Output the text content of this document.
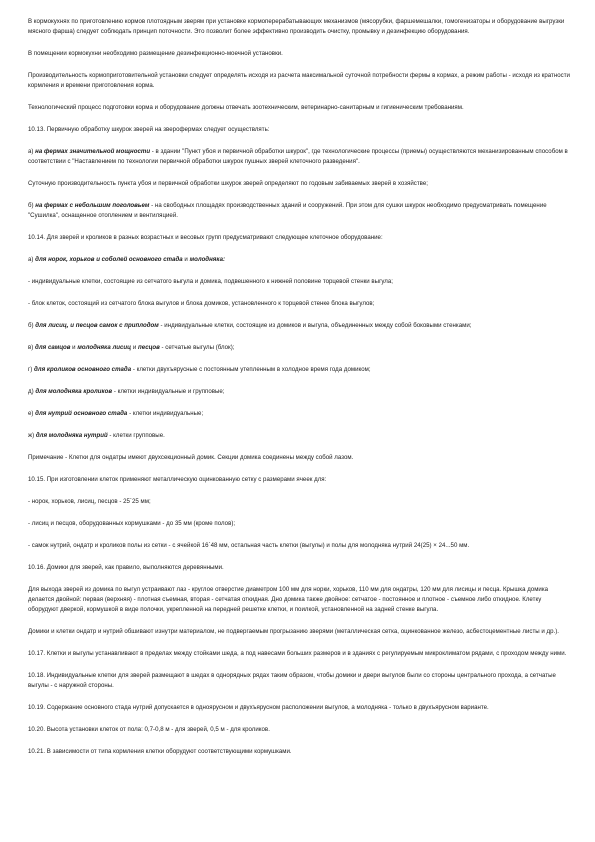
В кормокухнях по приготовлению кормов плотоядным зверям при установке кормоперерабатывающих механизмов (мясорубки, фаршемешалки, гомогенизаторы и оборудование выгрузки мясного фарша) следует соблюдать принцип поточности. Это позволит более эффективно производить очистку, промывку и дезинфекцию оборудования.

В помещении кормокухни необходимо размещение дезинфекционно-моечной установки.

Производительность кормоприготовительной установки следует определять исходя из расчета максимальной суточной потребности фермы в кормах, а режим работы - исходя из кратности кормления и времени приготовления корма.

Технологический процесс подготовки корма и оборудование должны отвечать зоотехническим, ветеринарно-санитарным и гигиеническим требованиям.

10.13. Первичную обработку шкурок зверей на зверофермах следует осуществлять:

а) на фермах значительной мощности - в здании "Пункт убоя и первичной обработки шкурок", где технологические процессы (приемы) осуществляются механизированным способом в соответствии с "Наставлением по технологии первичной обработки шкурок пушных зверей клеточного разведения".

Суточную производительность пункта убоя и первичной обработки шкурок зверей определяют по годовым забиваемых зверей в хозяйстве;

б) на фермах с небольшим поголовьем - на свободных площадях производственных зданий и сооружений. При этом для сушки шкурок необходимо предусматривать помещение "Сушилка", оснащенное отоплением и вентиляцией.

10.14. Для зверей и кроликов в разных возрастных и весовых групп предусматривают следующее клеточное оборудование:

а) для норок, хорьков и соболей основного стада и молодняка:

- индивидуальные клетки, состоящие из сетчатого выгула и домика, подвешенного к нижней половине торцевой стенки выгула;

- блок клеток, состоящий из сетчатого блока выгулов и блока домиков, установленного к торцевой стенке блока выгулов;

б) для лисиц, и песцов самок с приплодом - индивидуальные клетки, состоящие из домиков и выгула, объединенных между собой боковыми стенками;

в) для самцов и молодняка лисиц и песцов - сетчатые выгулы (блок);

г) для кроликов основного стада - клетки двухъярусные с постоянным утепленным в холодное время года домиком;

д) для молодняка кроликов - клетки индивидуальные и групповые;

е) для нутрий основного стада - клетки индивидуальные;

ж) для молодняка нутрий - клетки групповые.

Примечание - Клетки для ондатры имеют двухсекционный домик. Секции домика соединены между собой лазом.

10.15. При изготовлении клеток применяют металлическую оцинкованную сетку с размерами ячеек для:

- норок, хорьков, лисиц, песцов - 25´25 мм;

- лисиц и песцов, оборудованных кормушками - до 35 мм (кроме полов);

- самок нутрий, ондатр и кроликов полы из сетки - с ячейкой 16´48 мм, остальная часть клетки (выгулы) и полы для молодняка нутрий 24(25) × 24...50 мм.

10.16. Домики для зверей, как правило, выполняются деревянными.

Для выхода зверей из домика по выгул устраивают лаз - круглое отверстие диаметром 100 мм для норки, хорьков, 110 мм для ондатры, 120 мм для лисицы и песца. Крышка домика делается двойной: первая (верхняя) - плотная съемная, вторая - сетчатая откидная. Дно домика также двойное: сетчатое - постоянное и плотное - съемное либо откидное. Клетку оборудуют дверкой, кормушкой в виде полочки, укрепленной на передней решетке клетки, и поилкой, установленной на задней стенке выгула.

Домики и клетки ондатр и нутрий обшивают изнутри материалом, не подвергаемым прогрызанию зверями (металлическая сетка, оцинкованное железо, асбестоцементные листы и др.).

10.17. Клетки и выгулы устанавливают в пределах между стойками шеда, а под навесами больших размеров и в зданиях с регулируемым микроклиматом рядами, с проходом между ними.

10.18. Индивидуальные клетки для зверей размещают в шедах в однорядных рядах таким образом, чтобы домики и двери выгулов были со стороны центрального прохода, а сетчатые выгулы - с наружной стороны.

10.19. Содержание основного стада нутрий допускается в одноярусном и двухъярусном расположении выгулов, а молодняка - только в двухъярусном варианте.

10.20. Высота установки клеток от пола: 0,7-0,8 м - для зверей, 0,5 м - для кроликов.

10.21. В зависимости от типа кормления клетки оборудуют соответствующими кормушками.
